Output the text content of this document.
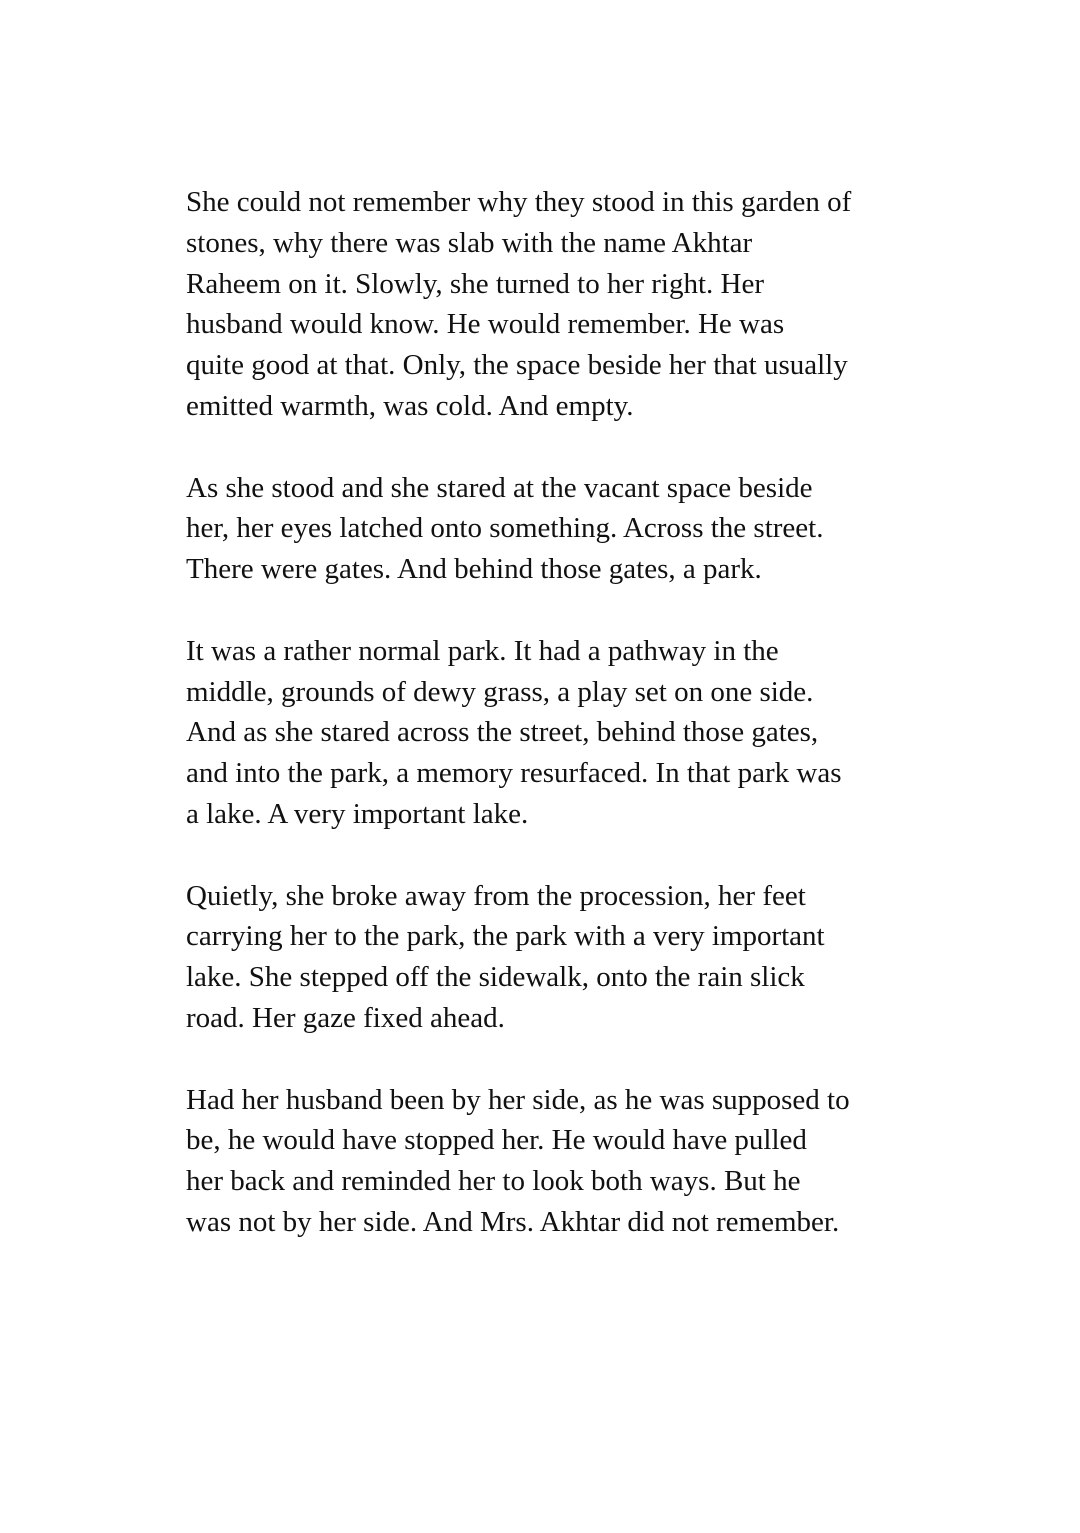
She could not remember why they stood in this garden of
stones, why there was slab with the name Akhtar
Raheem on it. Slowly, she turned to her right. Her
husband would know. He would remember. He was
quite good at that. Only, the space beside her that usually
emitted warmth, was cold. And empty.

As she stood and she stared at the vacant space beside
her, her eyes latched onto something. Across the street.
There were gates. And behind those gates, a park.

It was a rather normal park. It had a pathway in the
middle, grounds of dewy grass, a play set on one side.
And as she stared across the street, behind those gates,
and into the park, a memory resurfaced. In that park was
a lake. A very important lake.

Quietly, she broke away from the procession, her feet
carrying her to the park, the park with a very important
lake. She stepped off the sidewalk, onto the rain slick
road. Her gaze fixed ahead.

Had her husband been by her side, as he was supposed to
be, he would have stopped her. He would have pulled
her back and reminded her to look both ways. But he
was not by her side. And Mrs. Akhtar did not remember.
